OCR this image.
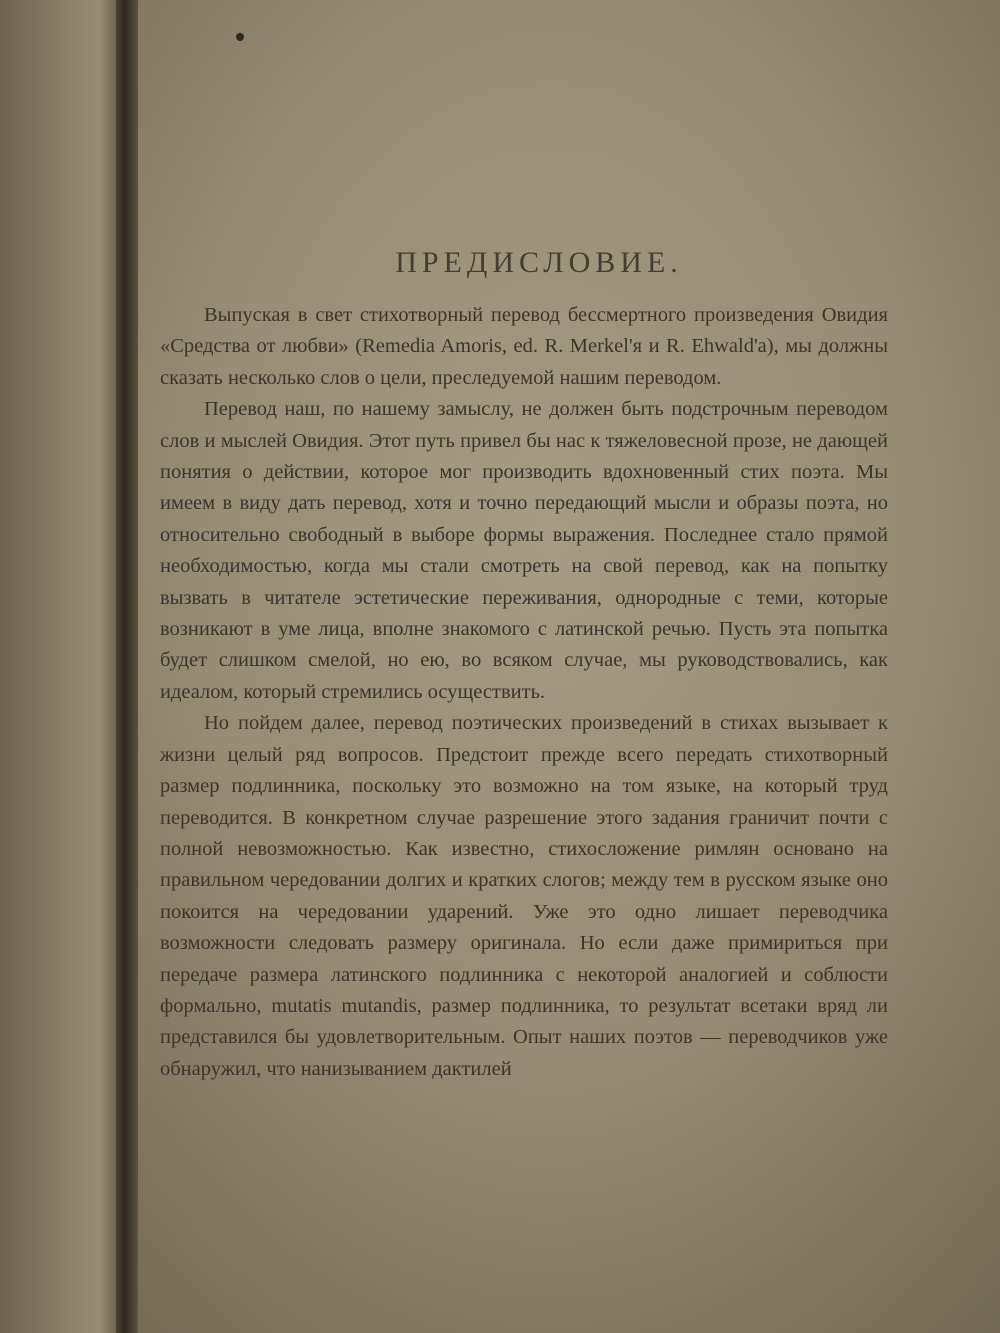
ПРЕДИСЛОВИЕ.

Выпуская в свет стихотворный перевод бессмертного произведения Овидия «Средства от любви» (Remedia Amoris, ed. R. Merkel'я и R. Ehwald'a), мы должны сказать несколько слов о цели, преследуемой нашим переводом.

Перевод наш, по нашему замыслу, не должен быть подстрочным переводом слов и мыслей Овидия. Этот путь привел бы нас к тяжеловесной прозе, не дающей понятия о действии, которое мог производить вдохновенный стих поэта. Мы имеем в виду дать перевод, хотя и точно передающий мысли и образы поэта, но относительно свободный в выборе формы выражения. Последнее стало прямой необходимостью, когда мы стали смотреть на свой перевод, как на попытку вызвать в читателе эстетические переживания, однородные с теми, которые возникают в уме лица, вполне знакомого с латинской речью. Пусть эта попытка будет слишком смелой, но ею, во всяком случае, мы руководствовались, как идеалом, который стремились осуществить.

Но пойдем далее, перевод поэтических произведений в стихах вызывает к жизни целый ряд вопросов. Предстоит прежде всего передать стихотворный размер подлинника, поскольку это возможно на том языке, на который труд переводится. В конкретном случае разрешение этого задания граничит почти с полной невозможностью. Как известно, стихосложение римлян основано на правильном чередовании долгих и кратких слогов; между тем в русском языке оно покоится на чередовании ударений. Уже это одно лишает переводчика возможности следовать размеру оригинала. Но если даже примириться при передаче размера латинского подлинника с некоторой аналогией и соблюсти формально, mutatis mutandis, размер подлинника, то результат всетаки вряд ли представился бы удовлетворительным. Опыт наших поэтов — переводчиков уже обнаружил, что нанизыванием дактилей
